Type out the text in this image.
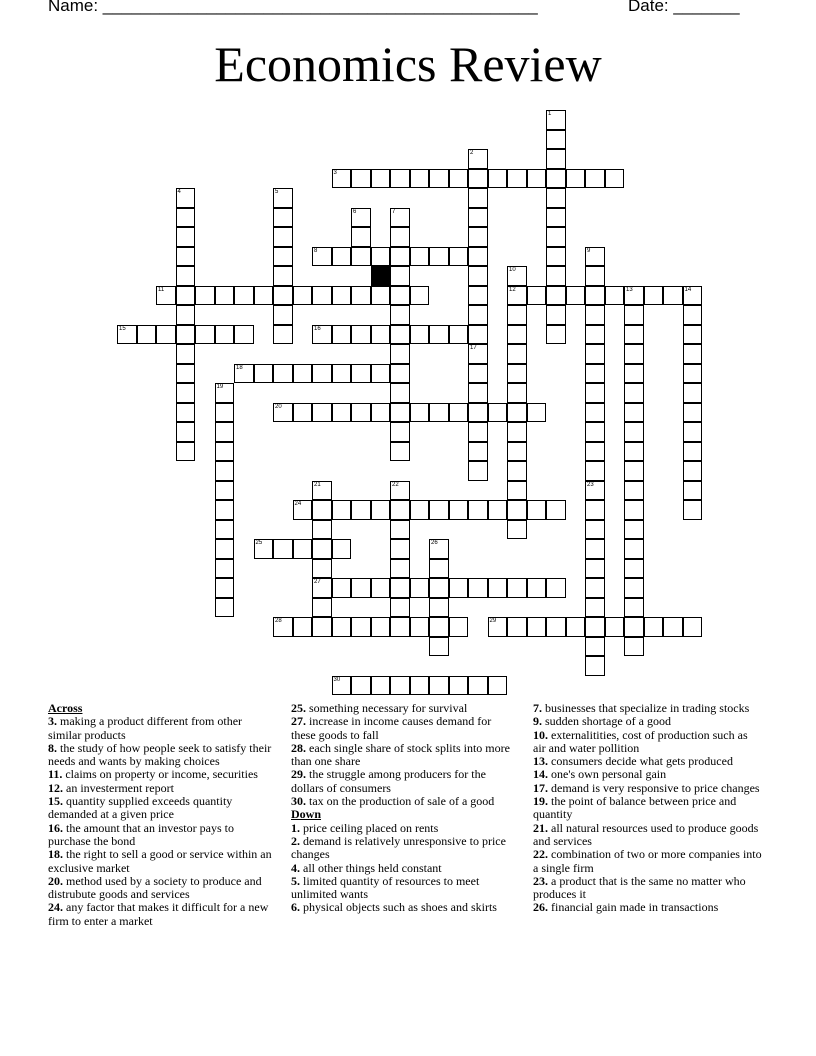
Name: ______________________________________________	Date: _______
Economics Review
1
2
3
4	5
6	7
8	9
23
10
12
11	13	14
15	16
17
18
19
20
21
27
22
24
25	26
28	29
30

Across

3. making a product different from other similar products

8. the study of how people seek to satisfy their needs and wants by making choices

11. claims on property or income, securities

12. an investerment report

15. quantity supplied exceeds quantity demanded at a given price

16. the amount that an investor pays to purchase the bond

18. the right to sell a good or service within an exclusive market

20. method used by a society to produce and distrubute goods and services

24. any factor that makes it difficult for a new firm to enter a market

25. something necessary for survival

27. increase in income causes demand for these goods to fall

28. each single share of stock splits into more than one share

29. the struggle among producers for the dollars of consumers

30. tax on the production of sale of a good

Down

1. price ceiling placed on rents

2. demand is relatively unresponsive to price changes

4. all other things held constant

5. limited quantity of resources to meet unlimited wants

6. physical objects such as shoes and skirts

7. businesses that specialize in trading stocks

9. sudden shortage of a good

10. externalitities, cost of production such as air and water pollition

13. consumers decide what gets produced

14. one's own personal gain

17. demand is very responsive to price changes

19. the point of balance between price and quantity

21. all natural resources used to produce goods and services

22. combination of two or more companies into a single firm

23. a product that is the same no matter who produces it

26. financial gain made in transactions
